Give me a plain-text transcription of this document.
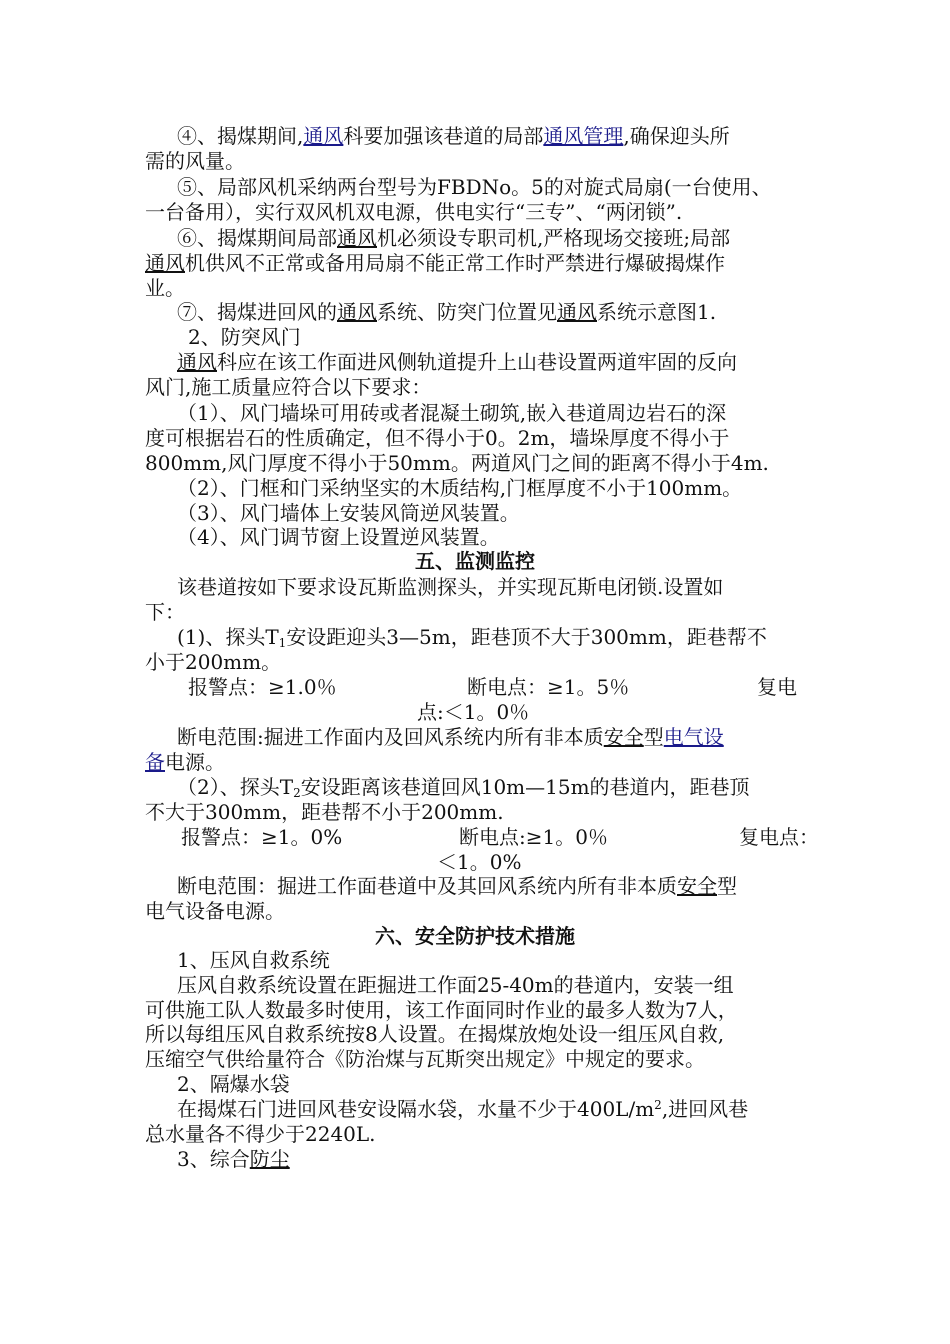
④、揭煤期间,通风科要加强该巷道的局部通风管理,确保迎头所
需的风量。
⑤、局部风机采纳两台型号为FBDNo。5的对旋式局扇(一台使用、
一台备用），实行双风机双电源，供电实行“三专”、“两闭锁”.
⑥、揭煤期间局部通风机必须设专职司机,严格现场交接班;局部
通风机供风不正常或备用局扇不能正常工作时严禁进行爆破揭煤作
业。
⑦、揭煤进回风的通风系统、防突门位置见通风系统示意图1.
2、防突风门
通风科应在该工作面进风侧轨道提升上山巷设置两道牢固的反向
风门,施工质量应符合以下要求：
（1）、风门墙垛可用砖或者混凝土砌筑,嵌入巷道周边岩石的深
度可根据岩石的性质确定，但不得小于0。2m，墙垛厚度不得小于
800mm,风门厚度不得小于50mm。两道风门之间的距离不得小于4m.
（2）、门框和门采纳坚实的木质结构,门框厚度不小于100mm。
（3）、风门墙体上安装风筒逆风装置。
（4）、风门调节窗上设置逆风装置。
五、监测监控
该巷道按如下要求设瓦斯监测探头，并实现瓦斯电闭锁.设置如
下：
(1)、探头$T_1$安设距迎头3—5m，距巷顶不大于300mm，距巷帮不
小于200mm。
报警点：≥1.0％	断电点：≥1。5％	复电
点:＜1。0％
断电范围:掘进工作面内及回风系统内所有非本质安全型电气设
备电源。
（2）、探头$T_2$安设距离该巷道回风10m—15m的巷道内，距巷顶
不大于300mm，距巷帮不小于200mm.
报警点：≥1。0%	断电点:≥1。0％	复电点：
＜1。0%
断电范围：掘进工作面巷道中及其回风系统内所有非本质安全型
电气设备电源。
六、安全防护技术措施
1、压风自救系统
压风自救系统设置在距掘进工作面25-40m的巷道内，安装一组
可供施工队人数最多时使用，该工作面同时作业的最多人数为7人，
所以每组压风自救系统按8人设置。在揭煤放炮处设一组压风自救,
压缩空气供给量符合《防治煤与瓦斯突出规定》中规定的要求。
2、隔爆水袋
在揭煤石门进回风巷安设隔水袋，水量不少于$400L/m^2$,进回风巷
总水量各不得少于2240L.
3、综合防尘
